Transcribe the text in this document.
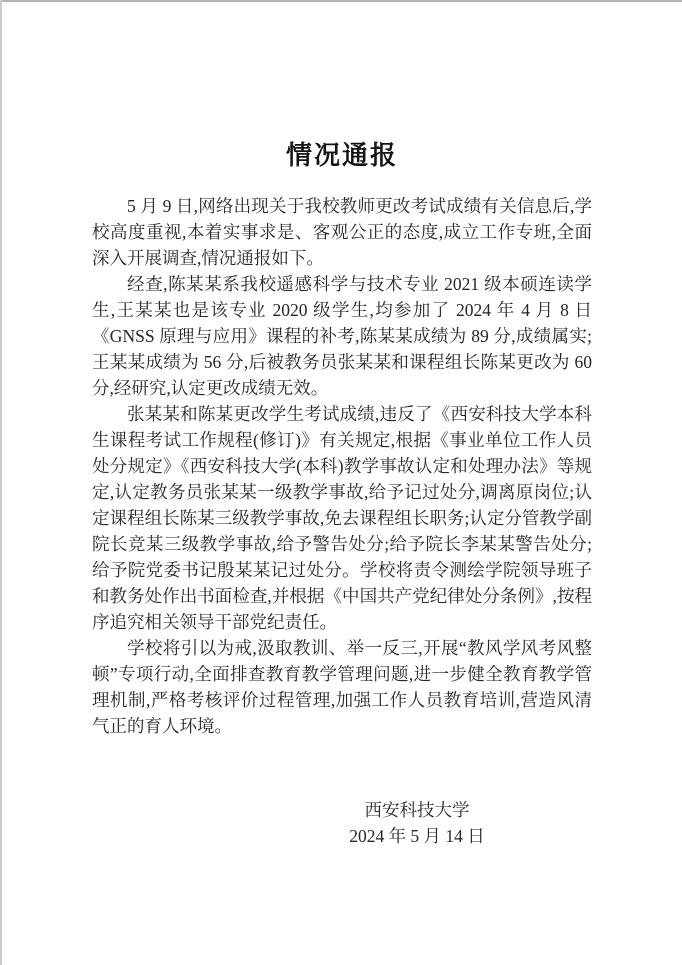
情况通报

5 月 9 日,网络出现关于我校教师更改考试成绩有关信息后,学校高度重视,本着实事求是、客观公正的态度,成立工作专班,全面深入开展调查,情况通报如下。

经查,陈某某系我校遥感科学与技术专业 2021 级本硕连读学生,王某某也是该专业 2020 级学生,均参加了 2024 年 4 月 8 日《GNSS 原理与应用》课程的补考,陈某某成绩为 89 分,成绩属实;王某某成绩为 56 分,后被教务员张某某和课程组长陈某更改为 60 分,经研究,认定更改成绩无效。

张某某和陈某更改学生考试成绩,违反了《西安科技大学本科生课程考试工作规程(修订)》有关规定,根据《事业单位工作人员处分规定》《西安科技大学(本科)教学事故认定和处理办法》等规定,认定教务员张某某一级教学事故,给予记过处分,调离原岗位;认定课程组长陈某三级教学事故,免去课程组长职务;认定分管教学副院长竞某三级教学事故,给予警告处分;给予院长李某某警告处分;给予院党委书记殷某某记过处分。学校将责令测绘学院领导班子和教务处作出书面检查,并根据《中国共产党纪律处分条例》,按程序追究相关领导干部党纪责任。

学校将引以为戒,汲取教训、举一反三,开展“教风学风考风整顿”专项行动,全面排查教育教学管理问题,进一步健全教育教学管理机制,严格考核评价过程管理,加强工作人员教育培训,营造风清气正的育人环境。

西安科技大学
2024 年 5 月 14 日
